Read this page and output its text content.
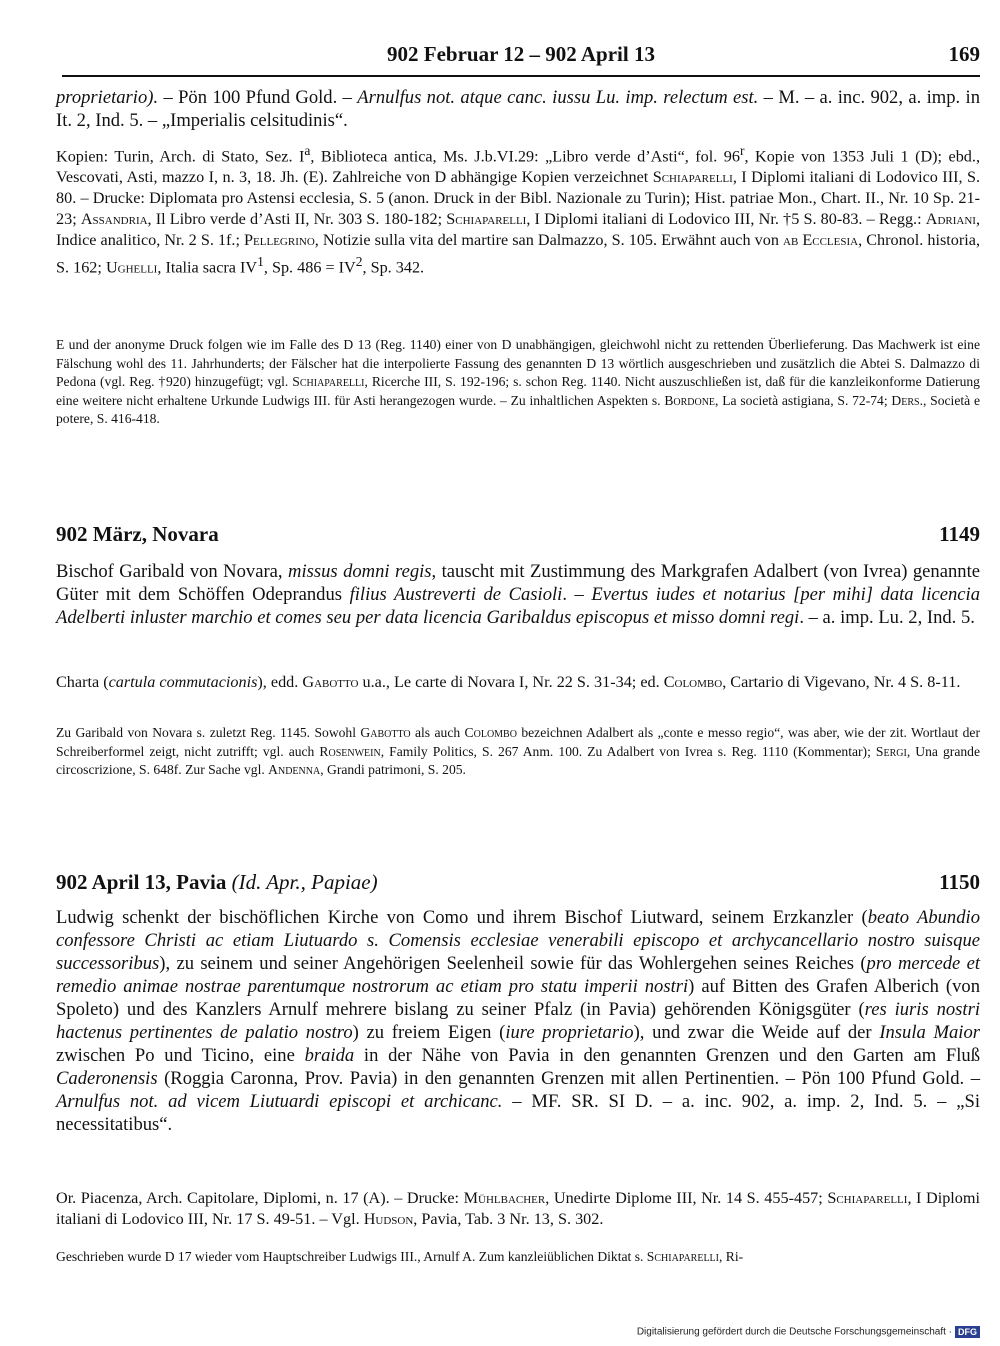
902 Februar 12 – 902 April 13	169
proprietario). – Pön 100 Pfund Gold. – Arnulfus not. atque canc. iussu Lu. imp. relectum est. – M. – a. inc. 902, a. imp. in It. 2, Ind. 5. – „Imperialis celsitudinis“.
Kopien: Turin, Arch. di Stato, Sez. $I^a$, Biblioteca antica, Ms. J.b.VI.29: „Libro verde d’Asti“, fol. 96$^r$, Kopie von 1353 Juli 1 (D); ebd., Vescovati, Asti, mazzo I, n. 3, 18. Jh. (E). Zahlreiche von D abhängige Kopien verzeichnet Schiaparelli, I Diplomi italiani di Lodovico III, S. 80. – Drucke: Diplomata pro Astensi ecclesia, S. 5 (anon. Druck in der Bibl. Nazionale zu Turin); Hist. patriae Mon., Chart. II., Nr. 10 Sp. 21-23; Assandria, Il Libro verde d’Asti II, Nr. 303 S. 180-182; Schiaparelli, I Diplomi italiani di Lodovico III, Nr. †5 S. 80-83. – Regg.: Adriani, Indice analitico, Nr. 2 S. 1f.; Pellegrino, Notizie sulla vita del martire san Dalmazzo, S. 105. Erwähnt auch von ab Ecclesia, Chronol. historia, S. 162; Ughelli, Italia sacra $IV^1$, Sp. $486 = IV^2$, Sp. 342.
E und der anonyme Druck folgen wie im Falle des D 13 (Reg. 1140) einer von D unabhängigen, gleichwohl nicht zu rettenden Überlieferung. Das Machwerk ist eine Fälschung wohl des 11. Jahrhunderts; der Fälscher hat die interpolierte Fassung des genannten D 13 wörtlich ausgeschrieben und zusätzlich die Abtei S. Dalmazzo di Pedona (vgl. Reg. †920) hinzugefügt; vgl. Schiaparelli, Ricerche III, S. 192-196; s. schon Reg. 1140. Nicht auszuschließen ist, daß für die kanzleikonforme Datierung eine weitere nicht erhaltene Urkunde Ludwigs III. für Asti herangezogen wurde. – Zu inhaltlichen Aspekten s. Bordone, La società astigiana, S. 72-74; Ders., Società e potere, S. 416-418.
902 März, Novara	1149
Bischof Garibald von Novara, missus domni regis, tauscht mit Zustimmung des Markgrafen Adalbert (von Ivrea) genannte Güter mit dem Schöffen Odeprandus filius Austreverti de Casioli. – Evertus iudes et notarius [per mihi] data licencia Adelberti inluster marchio et comes seu per data licencia Garibaldus episcopus et misso domni regi. – a. imp. Lu. 2, Ind. 5.
Charta (cartula commutacionis), edd. Gabotto u.a., Le carte di Novara I, Nr. 22 S. 31-34; ed. Colombo, Cartario di Vigevano, Nr. 4 S. 8-11.
Zu Garibald von Novara s. zuletzt Reg. 1145. Sowohl Gabotto als auch Colombo bezeichnen Adalbert als „conte e messo regio“, was aber, wie der zit. Wortlaut der Schreiberformel zeigt, nicht zutrifft; vgl. auch Rosenwein, Family Politics, S. 267 Anm. 100. Zu Adalbert von Ivrea s. Reg. 1110 (Kommentar); Sergi, Una grande circoscrizione, S. 648f. Zur Sache vgl. Andenna, Grandi patrimoni, S. 205.
902 April 13, Pavia (Id. Apr., Papiae)	1150
Ludwig schenkt der bischöflichen Kirche von Como und ihrem Bischof Liutward, seinem Erzkanzler (beato Abundio confessore Christi ac etiam Liutuardo s. Comensis ecclesiae venerabili episcopo et archycancellario nostro suisque successoribus), zu seinem und seiner Angehörigen Seelenheil sowie für das Wohlergehen seines Reiches (pro mercede et remedio animae nostrae parentumque nostrorum ac etiam pro statu imperii nostri) auf Bitten des Grafen Alberich (von Spoleto) und des Kanzlers Arnulf mehrere bislang zu seiner Pfalz (in Pavia) gehörenden Königsgüter (res iuris nostri hactenus pertinentes de palatio nostro) zu freiem Eigen (iure proprietario), und zwar die Weide auf der Insula Maior zwischen Po und Ticino, eine braida in der Nähe von Pavia in den genannten Grenzen und den Garten am Fluß Caderonensis (Roggia Caronna, Prov. Pavia) in den genannten Grenzen mit allen Pertinentien. – Pön 100 Pfund Gold. – Arnulfus not. ad vicem Liutuardi episcopi et archicanc. – MF. SR. SI D. – a. inc. 902, a. imp. 2, Ind. 5. – „Si necessitatibus“.
Or. Piacenza, Arch. Capitolare, Diplomi, n. 17 (A). – Drucke: Mühlbacher, Unedirte Diplome III, Nr. 14 S. 455-457; Schiaparelli, I Diplomi italiani di Lodovico III, Nr. 17 S. 49-51. – Vgl. Hudson, Pavia, Tab. 3 Nr. 13, S. 302.
Geschrieben wurde D 17 wieder vom Hauptschreiber Ludwigs III., Arnulf A. Zum kanzleiüblichen Diktat s. Schiaparelli, Ri-
Digitalisierung gefördert durch die Deutsche Forschungsgemeinschaft · DFG
